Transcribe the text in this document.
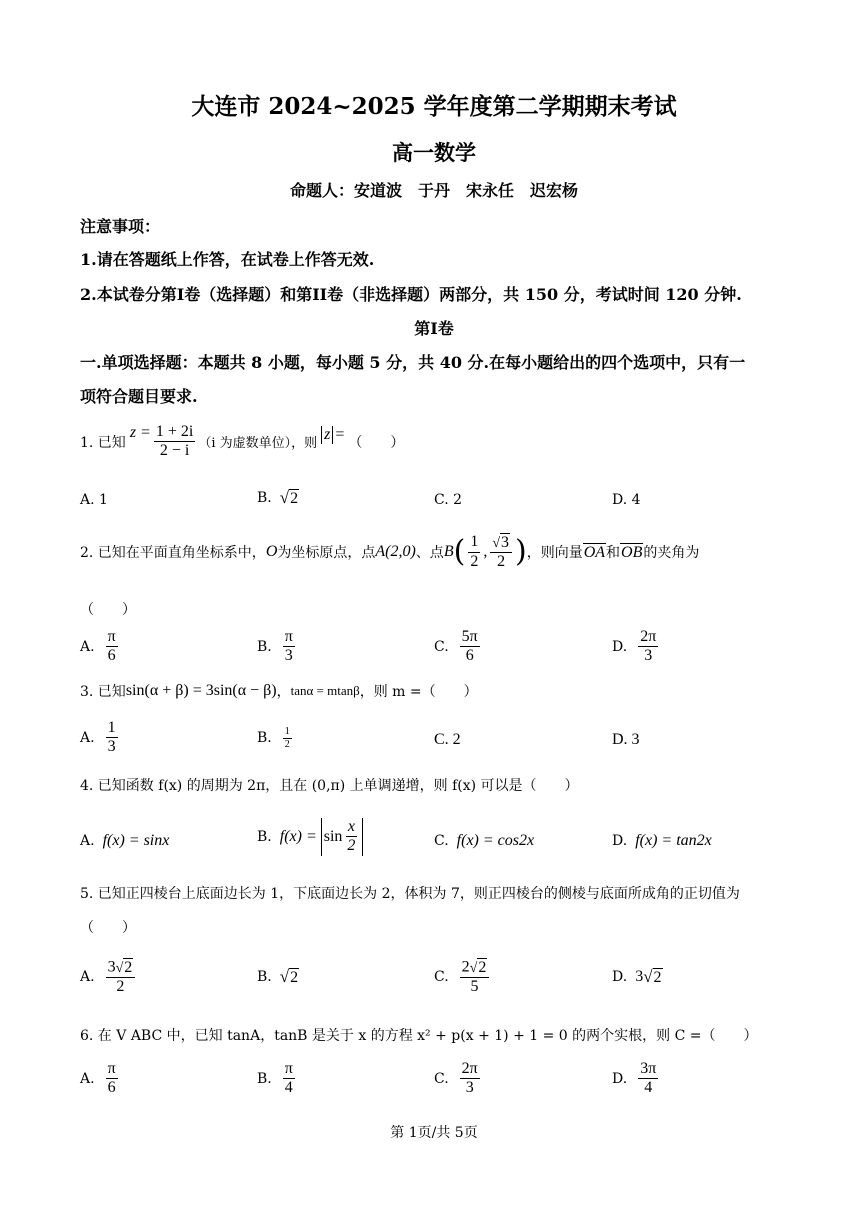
大连市 2024~2025 学年度第二学期期末考试
高一数学
命题人：安道波　于丹　宋永任　迟宏杨
注意事项：
1.请在答题纸上作答，在试卷上作答无效.
2.本试卷分第I卷（选择题）和第II卷（非选择题）两部分，共 150 分，考试时间 120 分钟.
第I卷
一.单项选择题：本题共 8 小题，每小题 5 分，共 40 分.在每小题给出的四个选项中，只有一
项符合题目要求.
1. 已知
$z = \frac{1 + 2i}{2 - i} (i$ 为虚数单位），则
z = （　　）
A. 1	B. √ 2	C. 2	D. 4
2. 已知在平面直角坐标系中， O 为坐标原点，点 A(2,0) 、点 B ( $\frac{1}{2}$ , $\frac{√ 3}{2}$ ) ，则向量 OA 和 OB 的夹角为
（　　）
A. $\frac{\pi}{6}$	B. $\frac{\pi}{3}$	C. $\frac{5\pi}{6}$	D. $\frac{2\pi}{3}$
3. 已知 sin(α + β) = 3sin(α − β) ， tanα = mtanβ ，则 m =（　　）
A. $\frac{1}{3}$	B. $\frac{1}{2}$	C. 2	D. 3
4. 已知函数 f(x) 的周期为 2π，且在 (0,π) 上单调递增，则 f(x) 可以是（　　）
A. f(x) = sinx	B. $f(x) = \sin \frac{x}{2}$	C. f(x) = cos2x	D. f(x) = tan2x
5. 已知正四棱台上底面边长为 1，下底面边长为 2，体积为 7，则正四棱台的侧棱与底面所成角的正切值为
（　　）
A. $\frac{3 √ 2}{2}$	B. √ 2	C. $\frac{2 √ 2}{5}$	D. 3 √ 2
6. 在 V ABC 中，已知 tanA，tanB 是关于 x 的方程 x² + p(x + 1) + 1 = 0 的两个实根，则 C =（　　）
A. $\frac{\pi}{6}$	B. $\frac{\pi}{4}$	C. $\frac{2\pi}{3}$	D. $\frac{3\pi}{4}$
第 1页/共 5页
